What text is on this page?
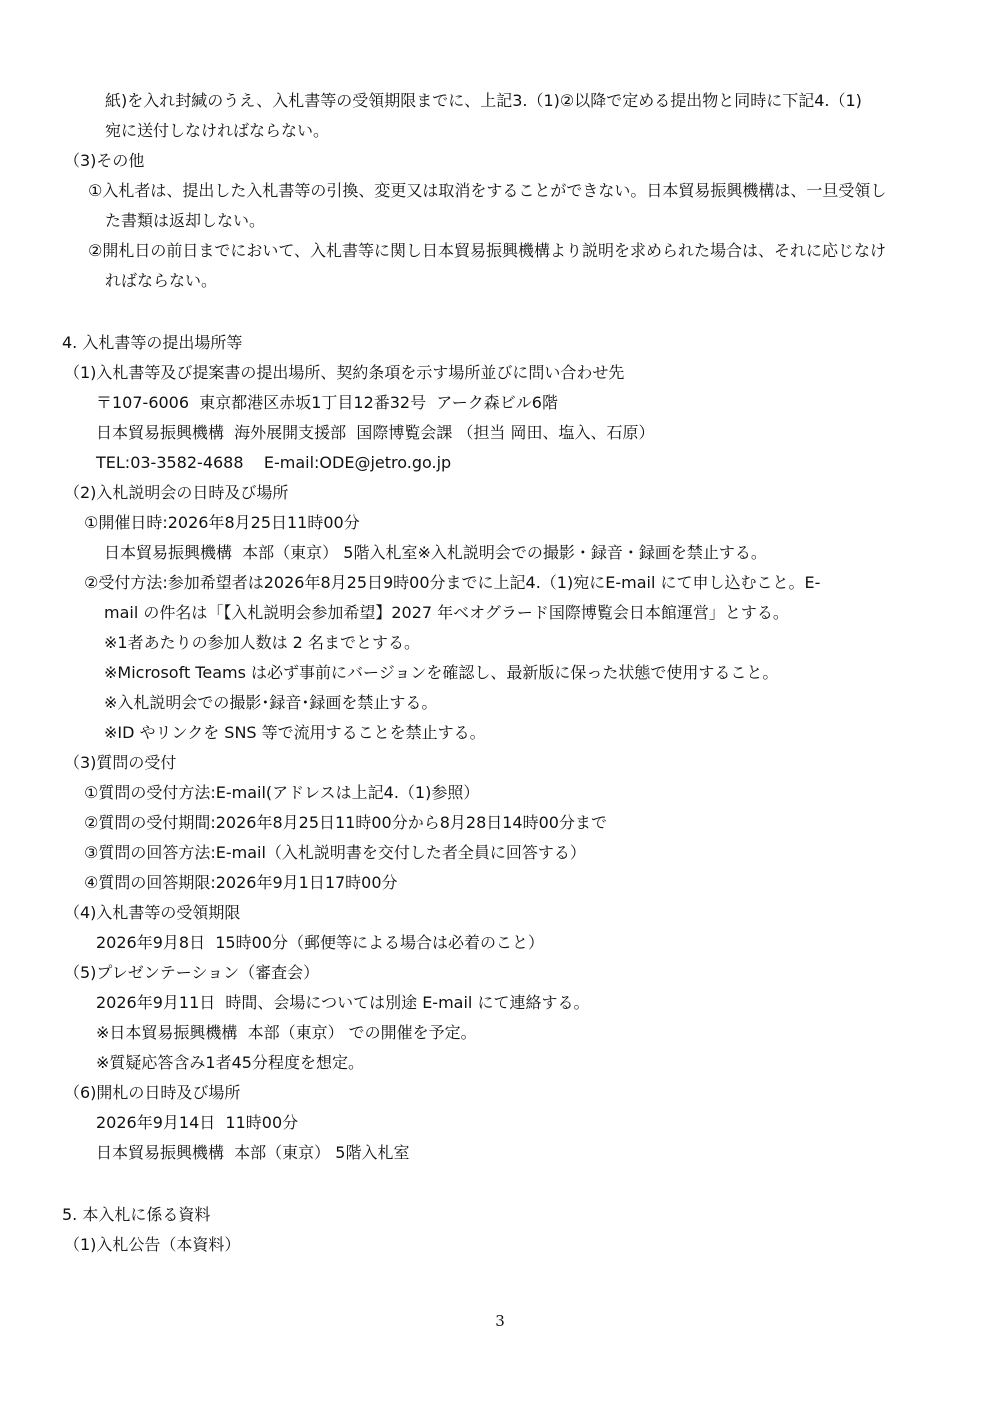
紙)を入れ封緘のうえ、入札書等の受領期限までに、上記3.（1)②以降で定める提出物と同時に下記4.（1)
宛に送付しなければならない。
（3)その他
①入札者は、提出した入札書等の引換、変更又は取消をすることができない。日本貿易振興機構は、一旦受領し
た書類は返却しない。
②開札日の前日までにおいて、入札書等に関し日本貿易振興機構より説明を求められた場合は、それに応じなけ
ればならない。
4. 入札書等の提出場所等
（1)入札書等及び提案書の提出場所、契約条項を示す場所並びに問い合わせ先
〒107-6006  東京都港区赤坂1丁目12番32号  アーク森ビル6階
日本貿易振興機構  海外展開支援部  国際博覧会課 （担当 岡田、塩入、石原）
TEL:03-3582-4688    E-mail:ODE@jetro.go.jp
（2)入札説明会の日時及び場所
①開催日時:2026年8月25日11時00分
日本貿易振興機構  本部（東京） 5階入札室※入札説明会での撮影・録音・録画を禁止する。
②受付方法:参加希望者は2026年8月25日9時00分までに上記4.（1)宛にE-mail にて申し込むこと。E-
mail の件名は「【入札説明会参加希望】2027 年ベオグラード国際博覧会日本館運営」とする。
※1者あたりの参加人数は 2 名までとする。
※Microsoft Teams は必ず事前にバージョンを確認し、最新版に保った状態で使用すること。
※入札説明会での撮影･録音･録画を禁止する。
※ID やリンクを SNS 等で流用することを禁止する。
（3)質問の受付
①質問の受付方法:E-mail(アドレスは上記4.（1)参照）
②質問の受付期間:2026年8月25日11時00分から8月28日14時00分まで
③質問の回答方法:E-mail（入札説明書を交付した者全員に回答する）
④質問の回答期限:2026年9月1日17時00分
（4)入札書等の受領期限
2026年9月8日  15時00分（郵便等による場合は必着のこと）
（5)プレゼンテーション（審査会）
2026年9月11日  時間、会場については別途 E-mail にて連絡する。
※日本貿易振興機構  本部（東京） での開催を予定。
※質疑応答含み1者45分程度を想定。
（6)開札の日時及び場所
2026年9月14日  11時00分
日本貿易振興機構  本部（東京） 5階入札室
5. 本入札に係る資料
（1)入札公告（本資料）
3
